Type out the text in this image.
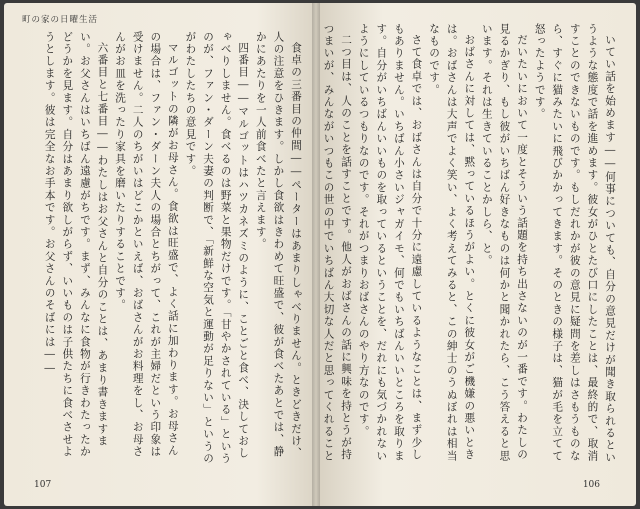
町の家の日曜生活

食卓の三番目の仲間――ペーターはあまりしゃべりません。ときどきだけ、人の注意をひきます。しかし食欲はきわめて旺盛で、彼が食べたあとでは、静かにあたりを一人前食べたと言えます。

四番目――マルゴットはハツカネズミのように、ことごと食べ、決しておしゃべりしません。食べるのは野菜と果物だけです。「甘やかされている」というのが、ファン・ダーン夫妻の判断で、「新鮮な空気と運動が足りない」というのがわたしたちの意見です。

マルゴットの隣がお母さん。食欲は旺盛で、よく話に加わります。お母さんの場合は、ファン・ダーン夫人の場合とちがって、これが主婦だという印象は受けません。二人のちがいはどこかといえば、おばさんがお料理をし、お母さんがお皿を洗ったり家具を磨いたりすることです。

六番目と七番目――わたしはお父さんと自分のことは、あまり書きますまい。お父さんはいちばん遠慮がちです。まず、みんなに食物が行きわたったかどうかを見ます。自分はあまり欲しがらず、いいものは子供たちに食べさせようとします。彼は完全なお手本です。お父さんのそばには――

107

いてい話を始めます――何事についても、自分の意見だけが聞き取られるというような態度で話を進めます。彼女がひとたび口にしたことは、最終的で、取消すことのできないものです。もしだれかが彼の意見に疑問を差しはさもうものなら、すぐに猫みたいに飛びかかってきます。そのときの様子は、猫が毛を立てて怒ったようです。

だいたいにおいて一度とそういう話題を持ち出さないのが一番です。わたしの見るかぎり、もし彼がいちばん好きなものは何かと聞かれたら、こう答えると思います。それは生きていることかしら、と。

おばさんに対しては、黙っているほうがよい。とくに彼女がご機嫌の悪いときは。おばさんは大声でよく笑い、よく考えてみると、この紳士のうぬぼれは相当なものです。

さて食卓では、おばさんは自分で十分に遠慮しているようなことは、まず少しもありません。いちばん小さいジャガイモ、何でもいちばんいいところを取ります。自分がいちばんいいものを取っているということを、だれにも気づかれないようにしているつもりなのです。それがつまりおばさんのやり方なのです。

二つ目は、人のことを話すことです。他人がおばさんの話に興味を持とうが持つまいが、みんながいつもこの世の中でいちばん大切な人だと思ってくれること

106
